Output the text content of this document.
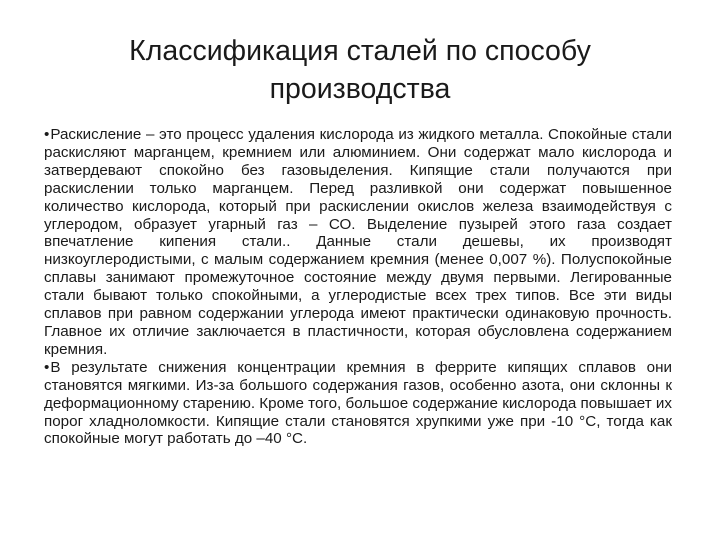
Классификация сталей по способу производства

•Раскисление – это процесс удаления кислорода из жидкого металла. Спокойные стали раскисляют марганцем, кремнием или алюминием. Они содержат мало кислорода и затвердевают спокойно без газовыделения. Кипящие стали получаются при раскислении только марганцем. Перед разливкой они содержат повышенное количество кислорода, который при раскислении окислов железа взаимодействуя с углеродом, образует угарный газ – СО. Выделение пузырей этого газа создает впечатление кипения стали.. Данные стали дешевы, их производят низкоуглеродистыми, с малым содержанием кремния (менее 0,007 %). Полуспокойные сплавы занимают промежуточное состояние между двумя первыми. Легированные стали бывают только спокойными, а углеродистые всех трех типов. Все эти виды сплавов при равном содержании углерода имеют практически одинаковую прочность. Главное их отличие заключается в пластичности, которая обусловлена содержанием кремния.

•В результате снижения концентрации кремния в феррите кипящих сплавов они становятся мягкими. Из-за большого содержания газов, особенно азота, они склонны к деформационному старению. Кроме того, большое содержание кислорода повышает их порог хладноломкости. Кипящие стали становятся хрупкими уже при -10 °С, тогда как спокойные могут работать до –40 °С.
